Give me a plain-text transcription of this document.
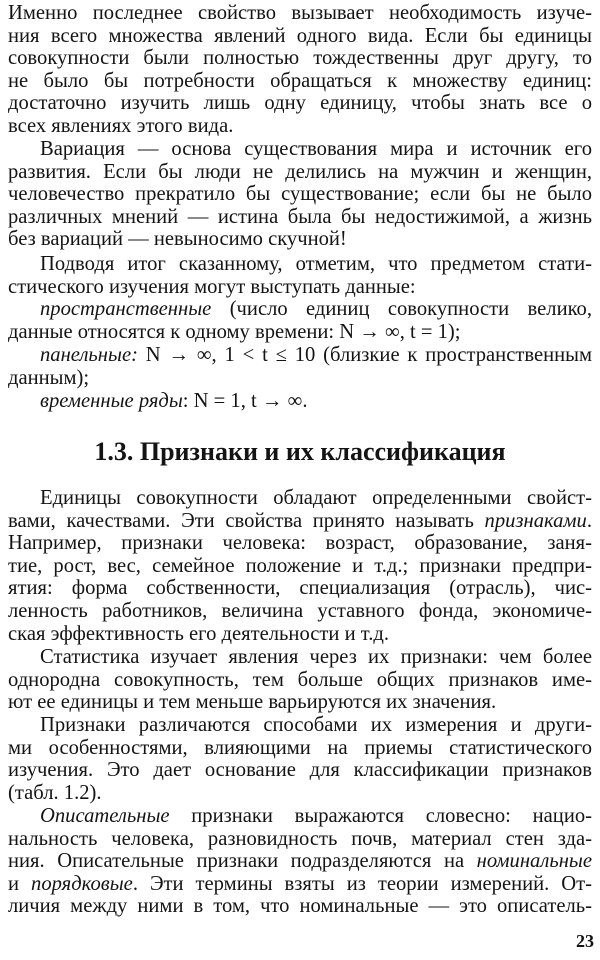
Именно последнее свойство вызывает необходимость изуче-
ния всего множества явлений одного вида. Если бы единицы
совокупности были полностью тождественны друг другу, то
не было бы потребности обращаться к множеству единиц:
достаточно изучить лишь одну единицу, чтобы знать все о
всех явлениях этого вида.

Вариация — основа существования мира и источник его
развития. Если бы люди не делились на мужчин и женщин,
человечество прекратило бы существование; если бы не было
различных мнений — истина была бы недостижимой, а жизнь
без вариаций — невыносимо скучной!

Подводя итог сказанному, отметим, что предметом стати-
стического изучения могут выступать данные:

пространственные (число единиц совокупности велико,
данные относятся к одному времени: N → ∞, t = 1);

панельные: N → ∞, 1 < t ≤ 10 (близкие к пространственным
данным);

временные ряды: N = 1, t → ∞.

1.3. Признаки и их классификация

Единицы совокупности обладают определенными свойст-
вами, качествами. Эти свойства принято называть признаками.
Например, признаки человека: возраст, образование, заня-
тие, рост, вес, семейное положение и т.д.; признаки предпри-
ятия: форма собственности, специализация (отрасль), чис-
ленность работников, величина уставного фонда, экономиче-
ская эффективность его деятельности и т.д.

Статистика изучает явления через их признаки: чем более
однородна совокупность, тем больше общих признаков име-
ют ее единицы и тем меньше варьируются их значения.

Признаки различаются способами их измерения и други-
ми особенностями, влияющими на приемы статистического
изучения. Это дает основание для классификации признаков
(табл. 1.2).

Описательные признаки выражаются словесно: нацио-
нальность человека, разновидность почв, материал стен зда-
ния. Описательные признаки подразделяются на номинальные
и порядковые. Эти термины взяты из теории измерений. От-
личия между ними в том, что номинальные — это описатель-

23
